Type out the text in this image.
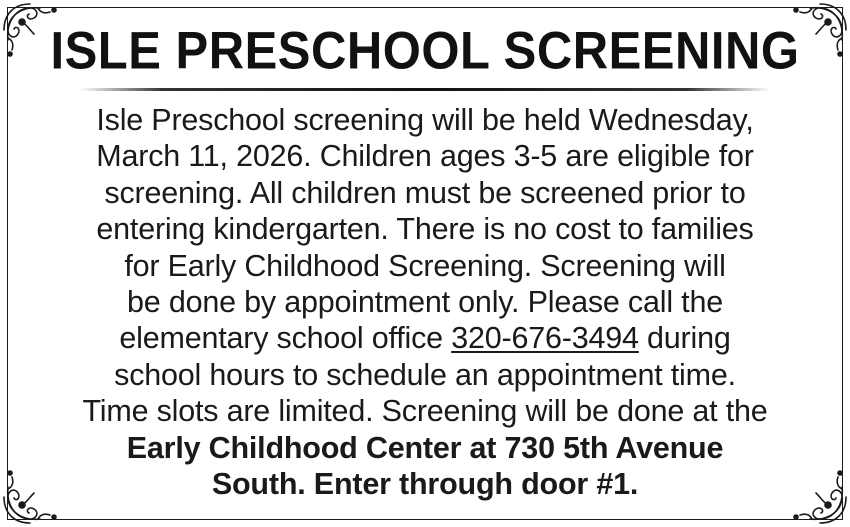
ISLE PRESCHOOL SCREENING
Isle Preschool screening will be held Wednesday,
March 11, 2026. Children ages 3-5 are eligible for
screening. All children must be screened prior to
entering kindergarten. There is no cost to families
for Early Childhood Screening. Screening will
be done by appointment only. Please call the
elementary school office 320-676-3494 during
school hours to schedule an appointment time.
Time slots are limited. Screening will be done at the
Early Childhood Center at 730 5th Avenue
South. Enter through door #1.
